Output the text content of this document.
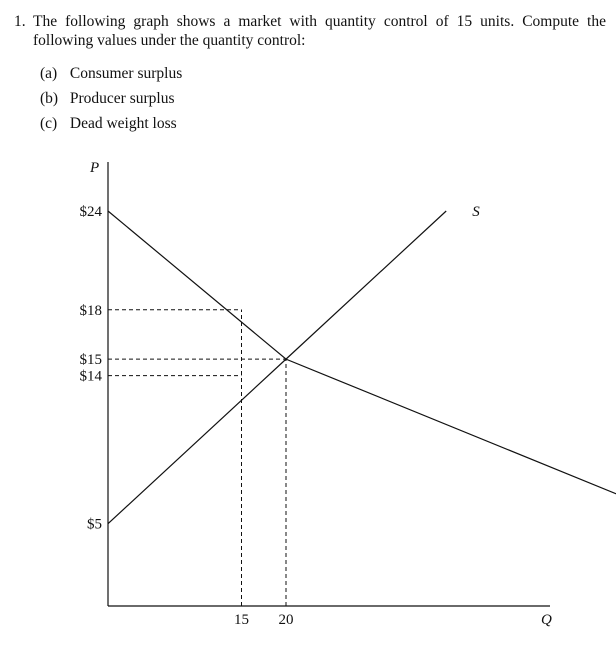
1. The following graph shows a market with quantity control of 15 units. Compute the following values under the quantity control:
(a) Consumer surplus
(b) Producer surplus
(c) Dead weight loss
S
P
Q
$24
$18
$15
$14
$5
15 20
